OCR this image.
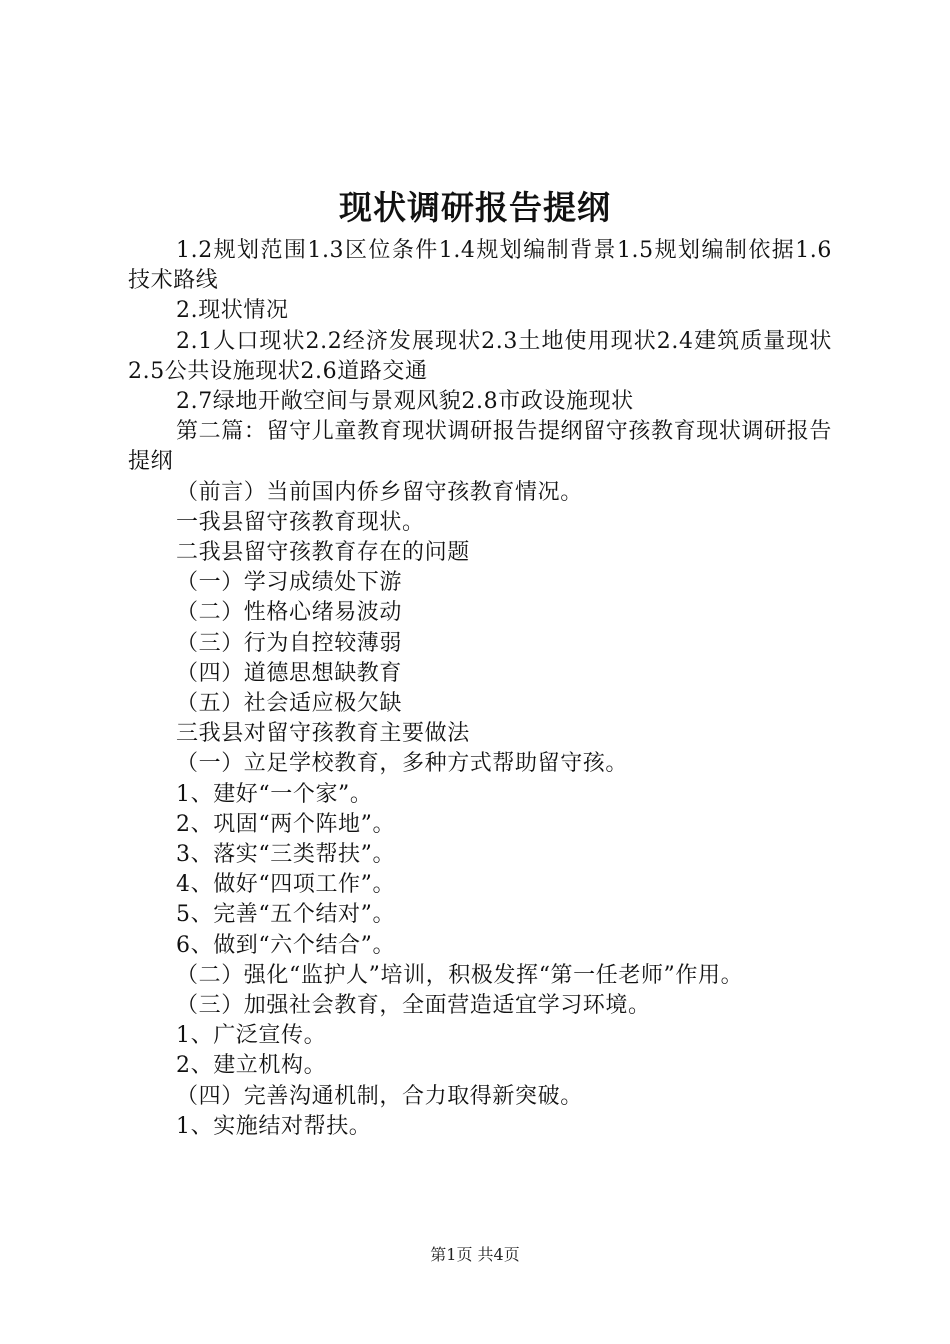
现状调研报告提纲

1.2规划范围1.3区位条件1.4规划编制背景1.5规划编制依据1.6技术路线

2.现状情况

2.1人口现状2.2经济发展现状2.3土地使用现状2.4建筑质量现状2.5公共设施现状2.6道路交通

2.7绿地开敞空间与景观风貌2.8市政设施现状

第二篇：留守儿童教育现状调研报告提纲留守孩教育现状调研报告提纲

（前言）当前国内侨乡留守孩教育情况。

一我县留守孩教育现状。

二我县留守孩教育存在的问题

（一）学习成绩处下游

（二）性格心绪易波动

（三）行为自控较薄弱

（四）道德思想缺教育

（五）社会适应极欠缺

三我县对留守孩教育主要做法

（一）立足学校教育，多种方式帮助留守孩。

1、建好“一个家”。

2、巩固“两个阵地”。

3、落实“三类帮扶”。

4、做好“四项工作”。

5、完善“五个结对”。

6、做到“六个结合”。

（二）强化“监护人”培训，积极发挥“第一任老师”作用。

（三）加强社会教育，全面营造适宜学习环境。

1、广泛宣传。

2、建立机构。

（四）完善沟通机制，合力取得新突破。

1、实施结对帮扶。

第1页 共4页
